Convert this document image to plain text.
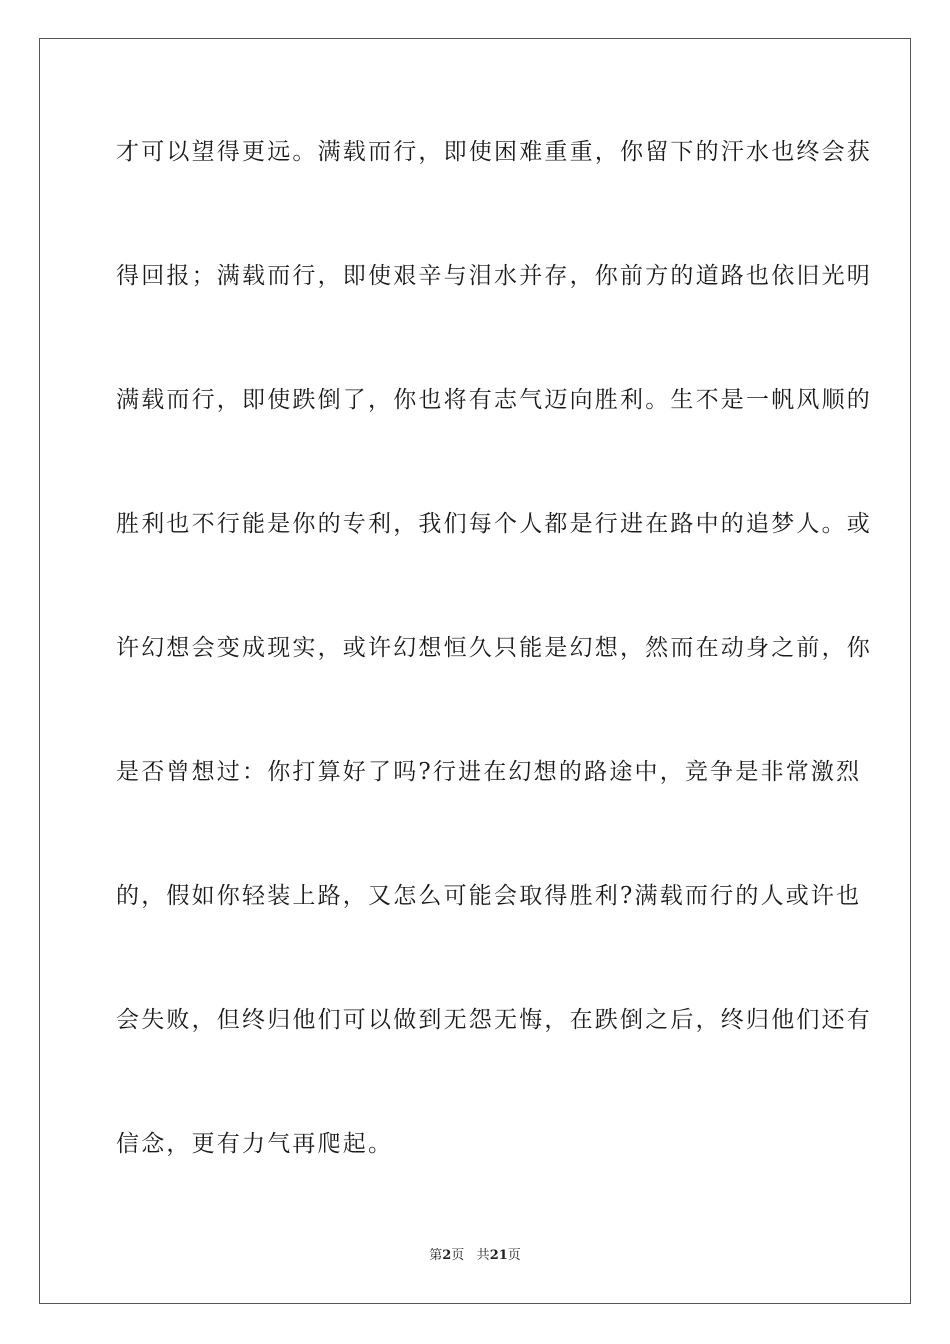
才可以望得更远。满载而行，即使困难重重，你留下的汗水也终会获

得回报；满载而行，即使艰辛与泪水并存，你前方的道路也依旧光明

满载而行，即使跌倒了，你也将有志气迈向胜利。生不是一帆风顺的

胜利也不行能是你的专利，我们每个人都是行进在路中的追梦人。或

许幻想会变成现实，或许幻想恒久只能是幻想，然而在动身之前，你

是否曾想过：你打算好了吗?行进在幻想的路途中，竞争是非常激烈

的，假如你轻装上路，又怎么可能会取得胜利?满载而行的人或许也

会失败，但终归他们可以做到无怨无悔，在跌倒之后，终归他们还有

信念，更有力气再爬起。

第2页 共21页
